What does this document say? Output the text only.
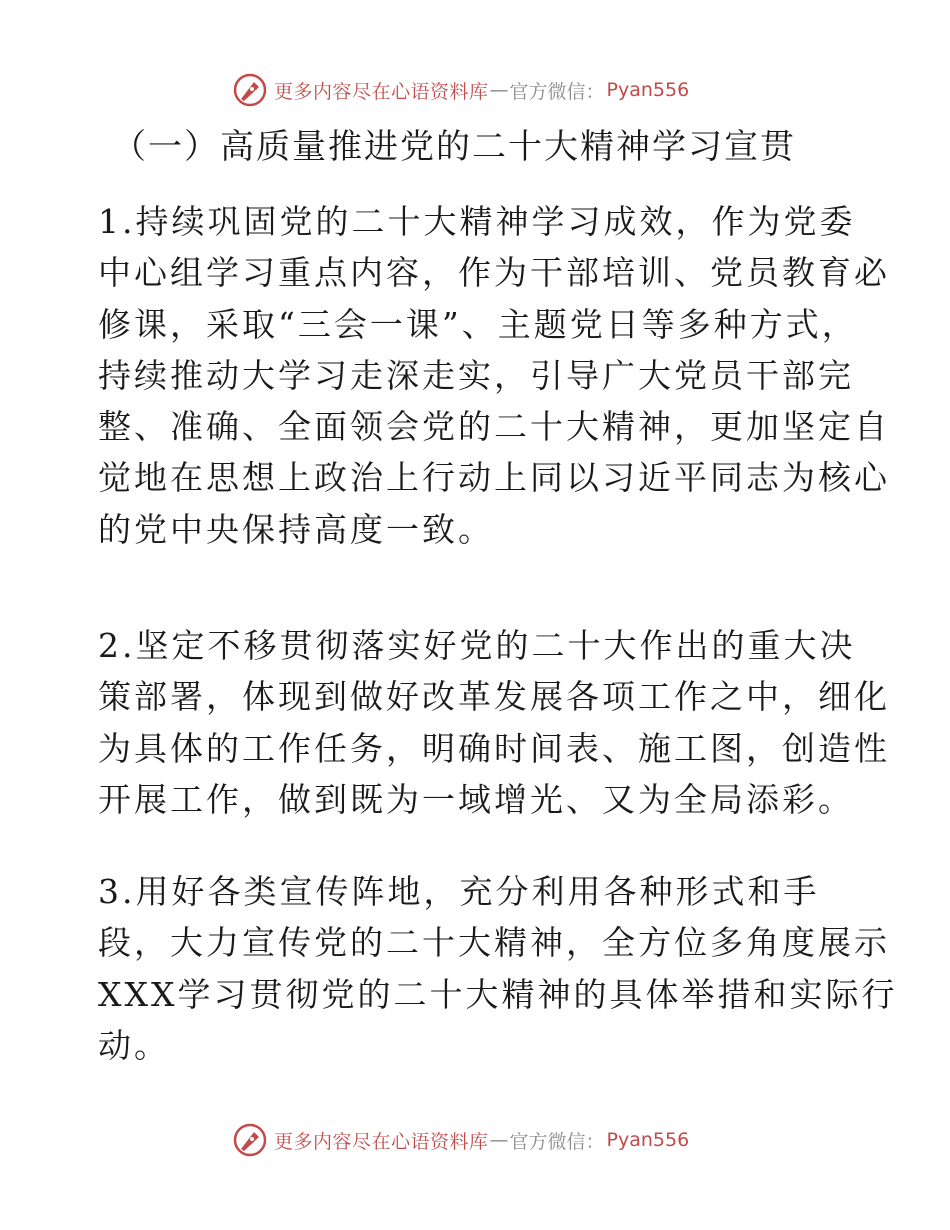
更多内容尽在心语资料库 — 官方微信： Pyan556
（一）高质量推进党的二十大精神学习宣贯

1.持续巩固党的二十大精神学习成效，作为党委
中心组学习重点内容，作为干部培训、党员教育必
修课，采取“三会一课”、主题党日等多种方式，
持续推动大学习走深走实，引导广大党员干部完
整、准确、全面领会党的二十大精神，更加坚定自
觉地在思想上政治上行动上同以习近平同志为核心
的党中央保持高度一致。

2.坚定不移贯彻落实好党的二十大作出的重大决
策部署，体现到做好改革发展各项工作之中，细化
为具体的工作任务，明确时间表、施工图，创造性
开展工作，做到既为一域增光、又为全局添彩。

3.用好各类宣传阵地，充分利用各种形式和手
段，大力宣传党的二十大精神，全方位多角度展示
XXX学习贯彻党的二十大精神的具体举措和实际行
动。

更多内容尽在心语资料库 — 官方微信： Pyan556
